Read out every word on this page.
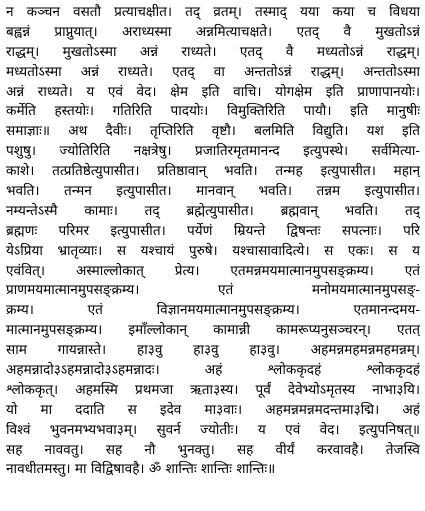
न कञ्चन वसतौ प्रत्याचक्षीत। तद् व्रतम्। तस्माद् यया कया च विधया
बह्वन्नं प्राप्नुयात्। अराध्यस्मा अन्नमित्याचक्षते। एतद् वै मुखतोऽन्नं
राद्धम्। मुखतोऽस्मा अन्नं राध्यते। एतद् वै मध्यतोऽन्नं राद्धम्।
मध्यतोऽस्मा अन्नं राध्यते। एतद् वा अन्ततोऽन्नं राद्धम्। अन्ततोऽस्मा
अन्नं राध्यते। य एवं वेद। क्षेम इति वाचि। योगक्षेम इति प्राणापानयोः।
कर्मेति हस्तयोः। गतिरिति पादयोः। विमुक्तिरिति पायौ। इति मानुषीः
समाज्ञाः॥ अथ दैवीः। तृप्तिरिति वृष्टौ। बलमिति विद्युति। यश इति
पशुषु। ज्योतिरिति नक्षत्रेषु। प्रजातिरमृतमानन्द इत्युपस्थे। सर्वमित्या-
काशे। तत्प्रतिष्ठेत्युपासीत। प्रतिष्ठावान् भवति। तन्मह इत्युपासीत। महान्
भवति। तन्मन इत्युपासीत। मानवान् भवति। तन्नम इत्युपासीत।
नम्यन्तेऽस्मै कामाः। तद् ब्रह्मेत्युपासीत। ब्रह्मवान् भवति। तद्
ब्रह्मणः परिमर इत्युपासीत। पर्येणं म्रियन्ते द्विषन्तः सपत्नाः। परि
येऽप्रिया भ्रातृव्याः। स यश्चायं पुरुषे। यश्चासावादित्ये। स एकः। स य
एवंवित्। अस्माल्लोकात् प्रेत्य। एतमन्नमयमात्मानमुपसङ्क्रम्य। एतं
प्राणमयमात्मानमुपसङ्क्रम्य। एतं मनोमयमात्मानमुपसङ्-
क्रम्य। एतं विज्ञानमयमात्मानमुपसङ्क्रम्य। एतमानन्दमय-
मात्मानमुपसङ्क्रम्य। इमाँल्लोकान् कामान्नी कामरूप्यनुसञ्चरन्। एतत्
साम गायन्नास्ते। हा३वु हा३वु हा३वु। अहमन्नमहमन्नमहमन्नम्।
अहमन्नादो३ऽहमन्नादो३ऽहमन्नादः। अहं श्लोककृदहं श्लोककृदहं
श्लोककृत्। अहमस्मि प्रथमजा ऋता३स्य। पूर्वं देवेभ्योऽमृतस्य नाभा३यि।
यो मा ददाति स इदेव मा३वाः। अहमन्नमन्नमदन्तमा३द्मि। अहं
विश्वं भुवनमभ्यभवा३म्। सुवर्न ज्योतीः। य एवं वेद। इत्युपनिषत्॥
सह नाववतु। सह नौ भुनक्तु। सह वीर्यं करवावहै। तेजस्वि
नावधीतमस्तु। मा विद्विषावहै। ॐ शान्तिः शान्तिः शान्तिः॥
